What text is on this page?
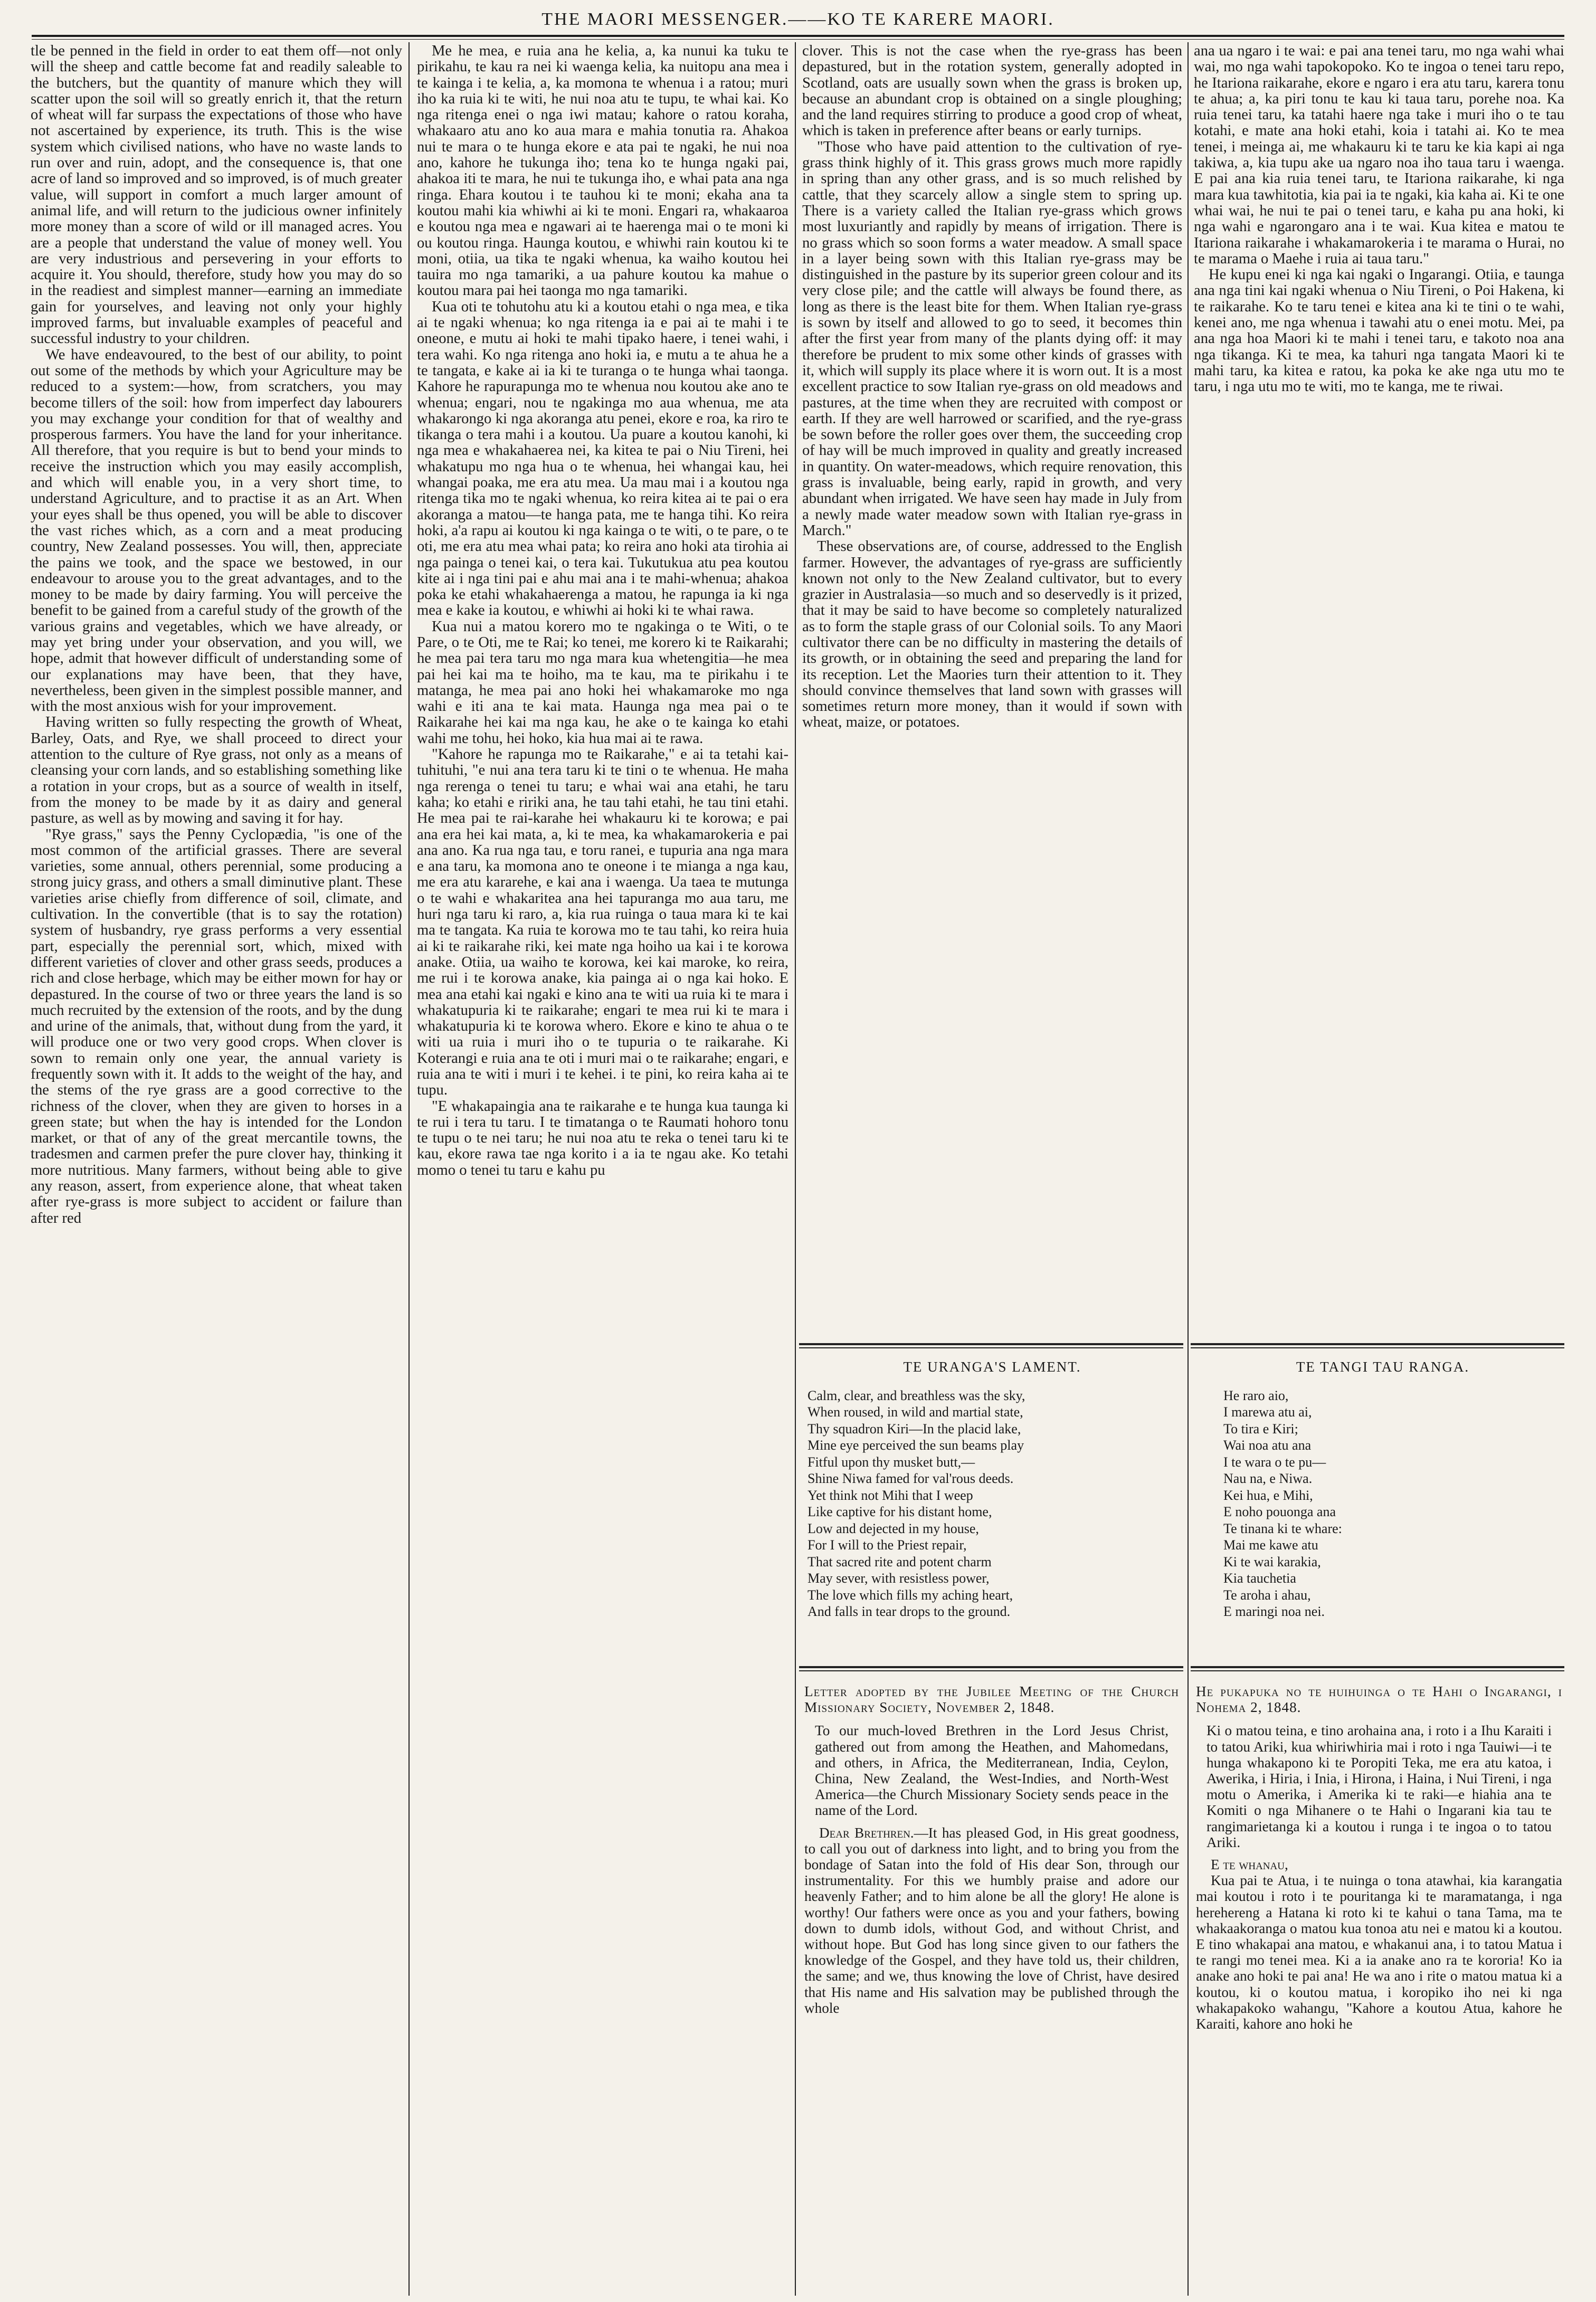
THE MAORI MESSENGER.——KO TE KARERE MAORI.

tle be penned in the field in order to eat them off—not only will the sheep and cattle become fat and readily saleable to the butchers, but the quantity of manure which they will scatter upon the soil will so greatly enrich it, that the return of wheat will far surpass the expectations of those who have not ascertained by experience, its truth. This is the wise system which civilised nations, who have no waste lands to run over and ruin, adopt, and the consequence is, that one acre of land so improved and so improved, is of much greater value, will support in comfort a much larger amount of animal life, and will return to the judicious owner infinitely more money than a score of wild or ill managed acres. You are a people that understand the value of money well. You are very industrious and persevering in your efforts to acquire it. You should, therefore, study how you may do so in the readiest and simplest manner—earning an immediate gain for yourselves, and leaving not only your highly improved farms, but invaluable examples of peaceful and successful industry to your children.

We have endeavoured, to the best of our ability, to point out some of the methods by which your Agriculture may be reduced to a system:—how, from scratchers, you may become tillers of the soil: how from imperfect day labourers you may exchange your condition for that of wealthy and prosperous farmers. You have the land for your inheritance. All therefore, that you require is but to bend your minds to receive the instruction which you may easily accomplish, and which will enable you, in a very short time, to understand Agriculture, and to practise it as an Art. When your eyes shall be thus opened, you will be able to discover the vast riches which, as a corn and a meat producing country, New Zealand possesses. You will, then, appreciate the pains we took, and the space we bestowed, in our endeavour to arouse you to the great advantages, and to the money to be made by dairy farming. You will perceive the benefit to be gained from a careful study of the growth of the various grains and vegetables, which we have already, or may yet bring under your observation, and you will, we hope, admit that however difficult of understanding some of our explanations may have been, that they have, nevertheless, been given in the simplest possible manner, and with the most anxious wish for your improvement.

Having written so fully respecting the growth of Wheat, Barley, Oats, and Rye, we shall proceed to direct your attention to the culture of Rye grass, not only as a means of cleansing your corn lands, and so establishing something like a rotation in your crops, but as a source of wealth in itself, from the money to be made by it as dairy and general pasture, as well as by mowing and saving it for hay.

"Rye grass," says the Penny Cyclopædia, "is one of the most common of the artificial grasses. There are several varieties, some annual, others perennial, some producing a strong juicy grass, and others a small diminutive plant. These varieties arise chiefly from difference of soil, climate, and cultivation. In the convertible (that is to say the rotation) system of husbandry, rye grass performs a very essential part, especially the perennial sort, which, mixed with different varieties of clover and other grass seeds, produces a rich and close herbage, which may be either mown for hay or depastured. In the course of two or three years the land is so much recruited by the extension of the roots, and by the dung and urine of the animals, that, without dung from the yard, it will produce one or two very good crops. When clover is sown to remain only one year, the annual variety is frequently sown with it. It adds to the weight of the hay, and the stems of the rye grass are a good corrective to the richness of the clover, when they are given to horses in a green state; but when the hay is intended for the London market, or that of any of the great mercantile towns, the tradesmen and carmen prefer the pure clover hay, thinking it more nutritious. Many farmers, without being able to give any reason, assert, from experience alone, that wheat taken after rye-grass is more subject to accident or failure than after red

Me he mea, e ruia ana he kelia, a, ka nunui ka tuku te pirikahu, te kau ra nei ki waenga kelia, ka nuitopu ana mea i te kainga i te kelia, a, ka momona te whenua i a ratou; muri iho ka ruia ki te witi, he nui noa atu te tupu, te whai kai. Ko nga ritenga enei o nga iwi matau; kahore o ratou koraha, whakaaro atu ano ko aua mara e mahia tonutia ra. Ahakoa nui te mara o te hunga ekore e ata pai te ngaki, he nui noa ano, kahore he tukunga iho; tena ko te hunga ngaki pai, ahakoa iti te mara, he nui te tukunga iho, e whai pata ana nga ringa. Ehara koutou i te tauhou ki te moni; ekaha ana ta koutou mahi kia whiwhi ai ki te moni. Engari ra, whakaaroa e koutou nga mea e ngawari ai te haerenga mai o te moni ki ou koutou ringa. Haunga koutou, e whiwhi rain koutou ki te moni, otiia, ua tika te ngaki whenua, ka waiho koutou hei tauira mo nga tamariki, a ua pahure koutou ka mahue o koutou mara pai hei taonga mo nga tamariki.

Kua oti te tohutohu atu ki a koutou etahi o nga mea, e tika ai te ngaki whenua; ko nga ritenga ia e pai ai te mahi i te oneone, e mutu ai hoki te mahi tipako haere, i tenei wahi, i tera wahi. Ko nga ritenga ano hoki ia, e mutu a te ahua he a te tangata, e kake ai ia ki te turanga o te hunga whai taonga. Kahore he rapurapunga mo te whenua nou koutou ake ano te whenua; engari, nou te ngakinga mo aua whenua, me ata whakarongo ki nga akoranga atu penei, ekore e roa, ka riro te tikanga o tera mahi i a koutou. Ua puare a koutou kanohi, ki nga mea e whakahaerea nei, ka kitea te pai o Niu Tireni, hei whakatupu mo nga hua o te whenua, hei whangai kau, hei whangai poaka, me era atu mea. Ua mau mai i a koutou nga ritenga tika mo te ngaki whenua, ko reira kitea ai te pai o era akoranga a matou—te hanga pata, me te hanga tihi. Ko reira hoki, a'a rapu ai koutou ki nga kainga o te witi, o te pare, o te oti, me era atu mea whai pata; ko reira ano hoki ata tirohia ai nga painga o tenei kai, o tera kai. Tukutukua atu pea koutou kite ai i nga tini pai e ahu mai ana i te mahi-whenua; ahakoa poka ke etahi whakahaerenga a matou, he rapunga ia ki nga mea e kake ia koutou, e whiwhi ai hoki ki te whai rawa.

Kua nui a matou korero mo te ngakinga o te Witi, o te Pare, o te Oti, me te Rai; ko tenei, me korero ki te Raikarahi; he mea pai tera taru mo nga mara kua whetengitia—he mea pai hei kai ma te hoiho, ma te kau, ma te pirikahu i te matanga, he mea pai ano hoki hei whakamaroke mo nga wahi e iti ana te kai mata. Haunga nga mea pai o te Raikarahe hei kai ma nga kau, he ake o te kainga ko etahi wahi me tohu, hei hoko, kia hua mai ai te rawa.

"Kahore he rapunga mo te Raikarahe," e ai ta tetahi kai-tuhituhi, "e nui ana tera taru ki te tini o te whenua. He maha nga rerenga o tenei tu taru; e whai wai ana etahi, he taru kaha; ko etahi e ririki ana, he tau tahi etahi, he tau tini etahi. He mea pai te rai-karahe hei whakauru ki te korowa; e pai ana era hei kai mata, a, ki te mea, ka whakamarokeria e pai ana ano. Ka rua nga tau, e toru ranei, e tupuria ana nga mara e ana taru, ka momona ano te oneone i te mianga a nga kau, me era atu kararehe, e kai ana i waenga. Ua taea te mutunga o te wahi e whakaritea ana hei tapuranga mo aua taru, me huri nga taru ki raro, a, kia rua ruinga o taua mara ki te kai ma te tangata. Ka ruia te korowa mo te tau tahi, ko reira huia ai ki te raikarahe riki, kei mate nga hoiho ua kai i te korowa anake. Otiia, ua waiho te korowa, kei kai maroke, ko reira, me rui i te korowa anake, kia painga ai o nga kai hoko. E mea ana etahi kai ngaki e kino ana te witi ua ruia ki te mara i whakatupuria ki te raikarahe; engari te mea rui ki te mara i whakatupuria ki te korowa whero. Ekore e kino te ahua o te witi ua ruia i muri iho o te tupuria o te raikarahe. Ki Koterangi e ruia ana te oti i muri mai o te raikarahe; engari, e ruia ana te witi i muri i te kehei. i te pini, ko reira kaha ai te tupu.

"E whakapaingia ana te raikarahe e te hunga kua taunga ki te rui i tera tu taru. I te timatanga o te Raumati hohoro tonu te tupu o te nei taru; he nui noa atu te reka o tenei taru ki te kau, ekore rawa tae nga korito i a ia te ngau ake. Ko tetahi momo o tenei tu taru e kahu pu

clover. This is not the case when the rye-grass has been depastured, but in the rotation system, generally adopted in Scotland, oats are usually sown when the grass is broken up, because an abundant crop is obtained on a single ploughing; and the land requires stirring to produce a good crop of wheat, which is taken in preference after beans or early turnips.

"Those who have paid attention to the cultivation of rye-grass think highly of it. This grass grows much more rapidly in spring than any other grass, and is so much relished by cattle, that they scarcely allow a single stem to spring up. There is a variety called the Italian rye-grass which grows most luxuriantly and rapidly by means of irrigation. There is no grass which so soon forms a water meadow. A small space in a layer being sown with this Italian rye-grass may be distinguished in the pasture by its superior green colour and its very close pile; and the cattle will always be found there, as long as there is the least bite for them. When Italian rye-grass is sown by itself and allowed to go to seed, it becomes thin after the first year from many of the plants dying off: it may therefore be prudent to mix some other kinds of grasses with it, which will supply its place where it is worn out. It is a most excellent practice to sow Italian rye-grass on old meadows and pastures, at the time when they are recruited with compost or earth. If they are well harrowed or scarified, and the rye-grass be sown before the roller goes over them, the succeeding crop of hay will be much improved in quality and greatly increased in quantity. On water-meadows, which require renovation, this grass is invaluable, being early, rapid in growth, and very abundant when irrigated. We have seen hay made in July from a newly made water meadow sown with Italian rye-grass in March."

These observations are, of course, addressed to the English farmer. However, the advantages of rye-grass are sufficiently known not only to the New Zealand cultivator, but to every grazier in Australasia—so much and so deservedly is it prized, that it may be said to have become so completely naturalized as to form the staple grass of our Colonial soils. To any Maori cultivator there can be no difficulty in mastering the details of its growth, or in obtaining the seed and preparing the land for its reception. Let the Maories turn their attention to it. They should convince themselves that land sown with grasses will sometimes return more money, than it would if sown with wheat, maize, or potatoes.

ana ua ngaro i te wai: e pai ana tenei taru, mo nga wahi whai wai, mo nga wahi tapokopoko. Ko te ingoa o tenei taru repo, he Itariona raikarahe, ekore e ngaro i era atu taru, karera tonu te ahua; a, ka piri tonu te kau ki taua taru, porehe noa. Ka ruia tenei taru, ka tatahi haere nga take i muri iho o te tau kotahi, e mate ana hoki etahi, koia i tatahi ai. Ko te mea tenei, i meinga ai, me whakauru ki te taru ke kia kapi ai nga takiwa, a, kia tupu ake ua ngaro noa iho taua taru i waenga. E pai ana kia ruia tenei taru, te Itariona raikarahe, ki nga mara kua tawhitotia, kia pai ia te ngaki, kia kaha ai. Ki te one whai wai, he nui te pai o tenei taru, e kaha pu ana hoki, ki nga wahi e ngarongaro ana i te wai. Kua kitea e matou te Itariona raikarahe i whakamarokeria i te marama o Hurai, no te marama o Maehe i ruia ai taua taru."

He kupu enei ki nga kai ngaki o Ingarangi. Otiia, e taunga ana nga tini kai ngaki whenua o Niu Tireni, o Poi Hakena, ki te raikarahe. Ko te taru tenei e kitea ana ki te tini o te wahi, kenei ano, me nga whenua i tawahi atu o enei motu. Mei, pa ana nga hoa Maori ki te mahi i tenei taru, e takoto noa ana nga tikanga. Ki te mea, ka tahuri nga tangata Maori ki te mahi taru, ka kitea e ratou, ka poka ke ake nga utu mo te taru, i nga utu mo te witi, mo te kanga, me te riwai.

TE URANGA'S LAMENT.
Calm, clear, and breathless was the sky,
When roused, in wild and martial state,
Thy squadron Kiri—In the placid lake,
Mine eye perceived the sun beams play
Fitful upon thy musket butt,—
Shine Niwa famed for val'rous deeds.
Yet think not Mihi that I weep
Like captive for his distant home,
Low and dejected in my house,
For I will to the Priest repair,
That sacred rite and potent charm
May sever, with resistless power,
The love which fills my aching heart,
And falls in tear drops to the ground.
TE TANGI TAU RANGA.
He raro aio,
I marewa atu ai,
To tira e Kiri;
Wai noa atu ana
I te wara o te pu—
Nau na, e Niwa.
Kei hua, e Mihi,
E noho pouonga ana
Te tinana ki te whare:
Mai me kawe atu
Ki te wai karakia,
Kia tauchetia
Te aroha i ahau,
E maringi noa nei.

Letter adopted by the Jubilee Meeting of the Church Missionary Society, November 2, 1848.

To our much-loved Brethren in the Lord Jesus Christ, gathered out from among the Heathen, and Mahomedans, and others, in Africa, the Mediterranean, India, Ceylon, China, New Zealand, the West-Indies, and North-West America—the Church Missionary Society sends peace in the name of the Lord.

Dear Brethren.—It has pleased God, in His great goodness, to call you out of darkness into light, and to bring you from the bondage of Satan into the fold of His dear Son, through our instrumentality. For this we humbly praise and adore our heavenly Father; and to him alone be all the glory! He alone is worthy! Our fathers were once as you and your fathers, bowing down to dumb idols, without God, and without Christ, and without hope. But God has long since given to our fathers the knowledge of the Gospel, and they have told us, their children, the same; and we, thus knowing the love of Christ, have desired that His name and His salvation may be published through the whole

He pukapuka no te huihuinga o te Hahi o Ingarangi, i Nohema 2, 1848.

Ki o matou teina, e tino arohaina ana, i roto i a Ihu Karaiti i to tatou Ariki, kua whiriwhiria mai i roto i nga Tauiwi—i te hunga whakapono ki te Poropiti Teka, me era atu katoa, i Awerika, i Hiria, i Inia, i Hirona, i Haina, i Nui Tireni, i nga motu o Amerika, i Amerika ki te raki—e hiahia ana te Komiti o nga Mihanere o te Hahi o Ingarani kia tau te rangimarietanga ki a koutou i runga i te ingoa o to tatou Ariki.

E te whanau,

Kua pai te Atua, i te nuinga o tona atawhai, kia karangatia mai koutou i roto i te pouritanga ki te maramatanga, i nga herehereng a Hatana ki roto ki te kahui o tana Tama, ma te whakaakoranga o matou kua tonoa atu nei e matou ki a koutou. E tino whakapai ana matou, e whakanui ana, i to tatou Matua i te rangi mo tenei mea. Ki a ia anake ano ra te kororia! Ko ia anake ano hoki te pai ana! He wa ano i rite o matou matua ki a koutou, ki o koutou matua, i koropiko iho nei ki nga whakapakoko wahangu, "Kahore a koutou Atua, kahore he Karaiti, kahore ano hoki he
